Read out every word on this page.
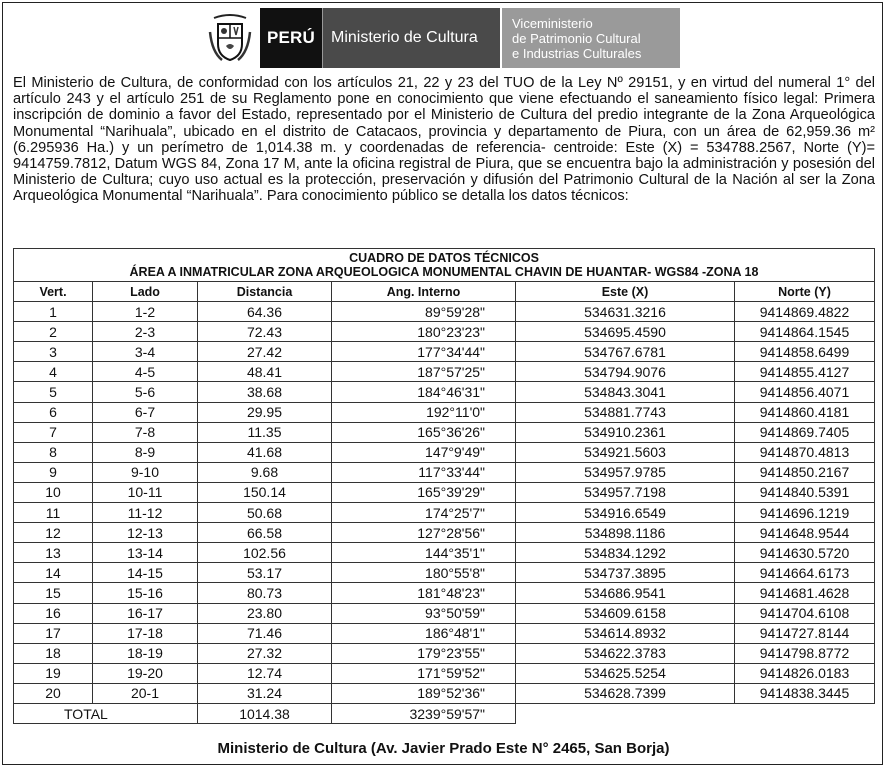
PERÚ Ministerio de Cultura
Viceministerio
de Patrimonio Cultural
e Industrias Culturales
El Ministerio de Cultura, de conformidad con los artículos 21, 22 y 23 del TUO de la Ley Nº 29151, y en virtud del numeral 1° del artículo 243 y el artículo 251 de su Reglamento pone en conocimiento que viene efectuando el saneamiento físico legal: Primera inscripción de dominio a favor del Estado, representado por el Ministerio de Cultura del predio integrante de la Zona Arqueológica Monumental “Narihuala”, ubicado en el distrito de Catacaos, provincia y departamento de Piura, con un área de 62,959.36 m² (6.295936 Ha.) y un perímetro de 1,014.38 m. y coordenadas de referencia- centroide: Este (X) = 534788.2567, Norte (Y)= 9414759.7812, Datum WGS 84, Zona 17 M, ante la oficina registral de Piura, que se encuentra bajo la administración y posesión del Ministerio de Cultura; cuyo uso actual es la protección, preservación y difusión del Patrimonio Cultural de la Nación al ser la Zona Arqueológica Monumental “Narihuala”. Para conocimiento público se detalla los datos técnicos:
CUADRO DE DATOS TÉCNICOS
ÁREA A INMATRICULAR ZONA ARQUEOLOGICA MONUMENTAL CHAVIN DE HUANTAR- WGS84 -ZONA 18					

Vert.	Lado	Distancia	Ang. Interno	Este (X)	Norte (Y)
1	1-2	64.36	89°59'28"	534631.3216	9414869.4822
2	2-3	72.43	180°23'23"	534695.4590	9414864.1545
3	3-4	27.42	177°34'44"	534767.6781	9414858.6499
4	4-5	48.41	187°57'25"	534794.9076	9414855.4127
5	5-6	38.68	184°46'31"	534843.3041	9414856.4071
6	6-7	29.95	192°11'0"	534881.7743	9414860.4181
7	7-8	11.35	165°36'26"	534910.2361	9414869.7405
8	8-9	41.68	147°9'49"	534921.5603	9414870.4813
9	9-10	9.68	117°33'44"	534957.9785	9414850.2167
10	10-11	150.14	165°39'29"	534957.7198	9414840.5391
11	11-12	50.68	174°25'7"	534916.6549	9414696.1219
12	12-13	66.58	127°28'56"	534898.1186	9414648.9544
13	13-14	102.56	144°35'1"	534834.1292	9414630.5720
14	14-15	53.17	180°55'8"	534737.3895	9414664.6173
15	15-16	80.73	181°48'23"	534686.9541	9414681.4628
16	16-17	23.80	93°50'59"	534609.6158	9414704.6108
17	17-18	71.46	186°48'1"	534614.8932	9414727.8144
18	18-19	27.32	179°23'55"	534622.3783	9414798.8772
19	19-20	12.74	171°59'52"	534625.5254	9414826.0183
20	20-1	31.24	189°52'36"	534628.7399	9414838.3445
TOTAL		1014.38	3239°59'57"		
Ministerio de Cultura (Av. Javier Prado Este N° 2465, San Borja)
